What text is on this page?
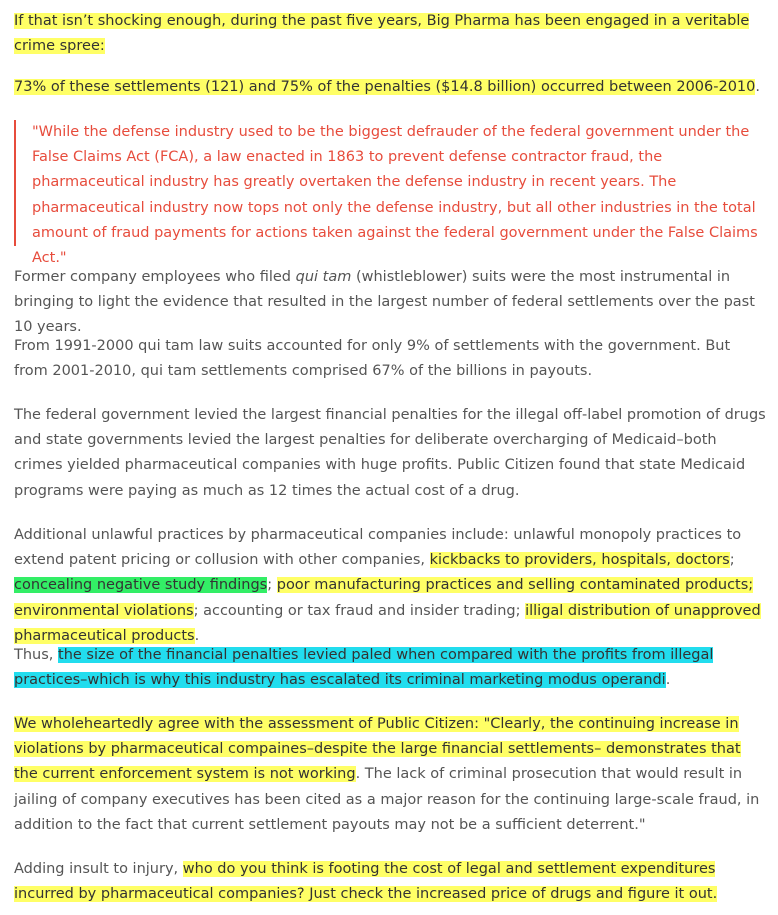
If that isn’t shocking enough, during the past five years, Big Pharma has been engaged in a veritable crime spree:

73% of these settlements (121) and 75% of the penalties ($14.8 billion) occurred between 2006-2010.

"While the defense industry used to be the biggest defrauder of the federal government under the False Claims Act (FCA), a law enacted in 1863 to prevent defense contractor fraud, the pharmaceutical industry has greatly overtaken the defense industry in recent years. The pharmaceutical industry now tops not only the defense industry, but all other industries in the total amount of fraud payments for actions taken against the federal government under the False Claims Act."

Former company employees who filed qui tam (whistleblower) suits were the most instrumental in bringing to light the evidence that resulted in the largest number of federal settlements over the past 10 years.

From 1991-2000 qui tam law suits accounted for only 9% of settlements with the government. But from 2001-2010, qui tam settlements comprised 67% of the billions in payouts.

The federal government levied the largest financial penalties for the illegal off-label promotion of drugs and state governments levied the largest penalties for deliberate overcharging of Medicaid–both crimes yielded pharmaceutical companies with huge profits. Public Citizen found that state Medicaid programs were paying as much as 12 times the actual cost of a drug.

Additional unlawful practices by pharmaceutical companies include: unlawful monopoly practices to extend patent pricing or collusion with other companies, kickbacks to providers, hospitals, doctors; concealing negative study findings; poor manufacturing practices and selling contaminated products; environmental violations; accounting or tax fraud and insider trading; illigal distribution of unapproved pharmaceutical products.

Thus, the size of the financial penalties levied paled when compared with the profits from illegal practices–which is why this industry has escalated its criminal marketing modus operandi.

We wholeheartedly agree with the assessment of Public Citizen: "Clearly, the continuing increase in violations by pharmaceutical compaines–despite the large financial settlements– demonstrates that the current enforcement system is not working. The lack of criminal prosecution that would result in jailing of company executives has been cited as a major reason for the continuing large-scale fraud, in addition to the fact that current settlement payouts may not be a sufficient deterrent."

Adding insult to injury, who do you think is footing the cost of legal and settlement expenditures incurred by pharmaceutical companies? Just check the increased price of drugs and figure it out.
